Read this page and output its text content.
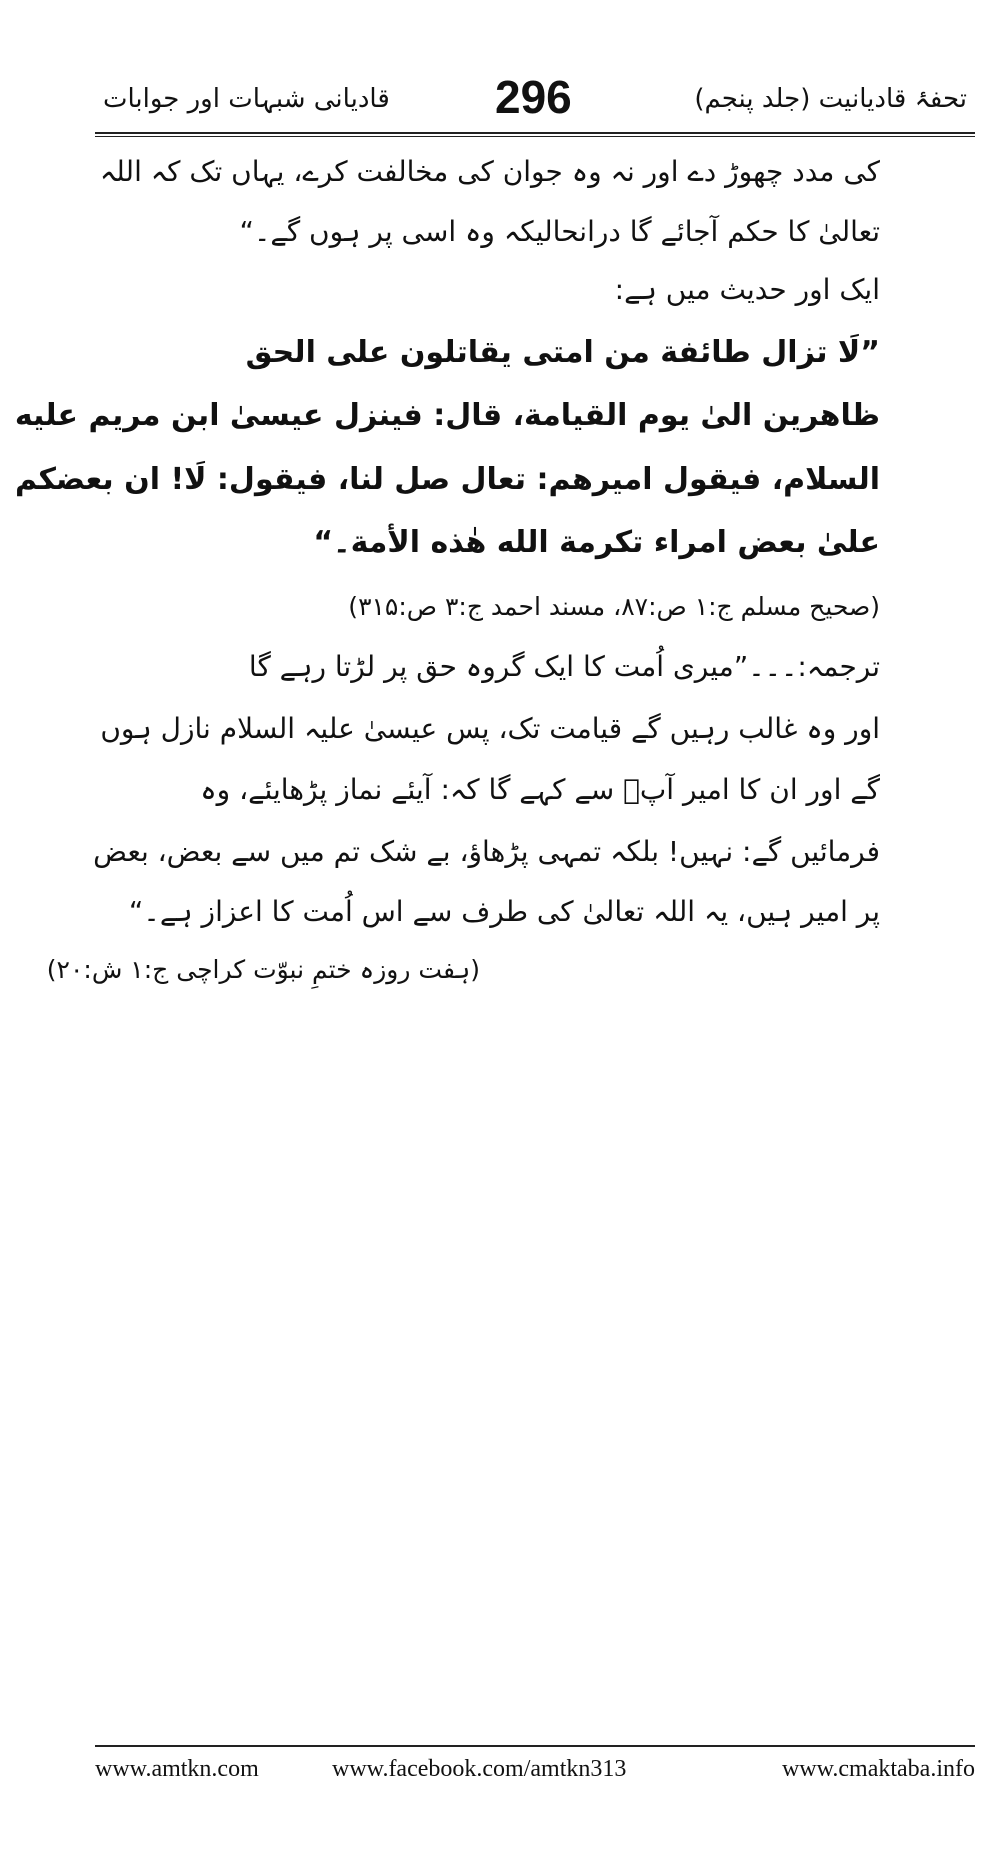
قادیانی شبہات اور جوابات 296	تحفۂ قادیانیت (جلد پنجم)
کی مدد چھوڑ دے اور نہ وہ جوان کی مخالفت کرے، یہاں تک کہ اللہ
تعالیٰ کا حکم آجائے گا درانحالیکہ وہ اسی پر ہوں گے۔“
ایک اور حدیث میں ہے:
”لَا تزال طائفة من امتی یقاتلون علی الحق
ظاھرین الیٰ یوم القیامة، قال: فینزل عیسیٰ ابن مریم علیه
السلام، فیقول امیرھم: تعال صل لنا، فیقول: لَا! ان بعضکم
علیٰ بعض امراء تکرمة الله ھٰذه الأمة۔“
(صحیح مسلم ج:۱ ص:۸۷، مسند احمد ج:۳ ص:۳۱۵)
ترجمہ:۔۔۔”میری اُمت کا ایک گروہ حق پر لڑتا رہے گا
اور وہ غالب رہیں گے قیامت تک، پس عیسیٰ علیہ السلام نازل ہوں
گے اور ان کا امیر آپؑ سے کہے گا کہ: آیئے نماز پڑھایئے، وہ
فرمائیں گے: نہیں! بلکہ تمہی پڑھاؤ، بے شک تم میں سے بعض، بعض
پر امیر ہیں، یہ اللہ تعالیٰ کی طرف سے اس اُمت کا اعزاز ہے۔“
(ہفت روزہ ختمِ نبوّت کراچی ج:۱ ش:۲۰)
www.amtkn.com	www.facebook.com/amtkn313	www.cmaktaba.info
